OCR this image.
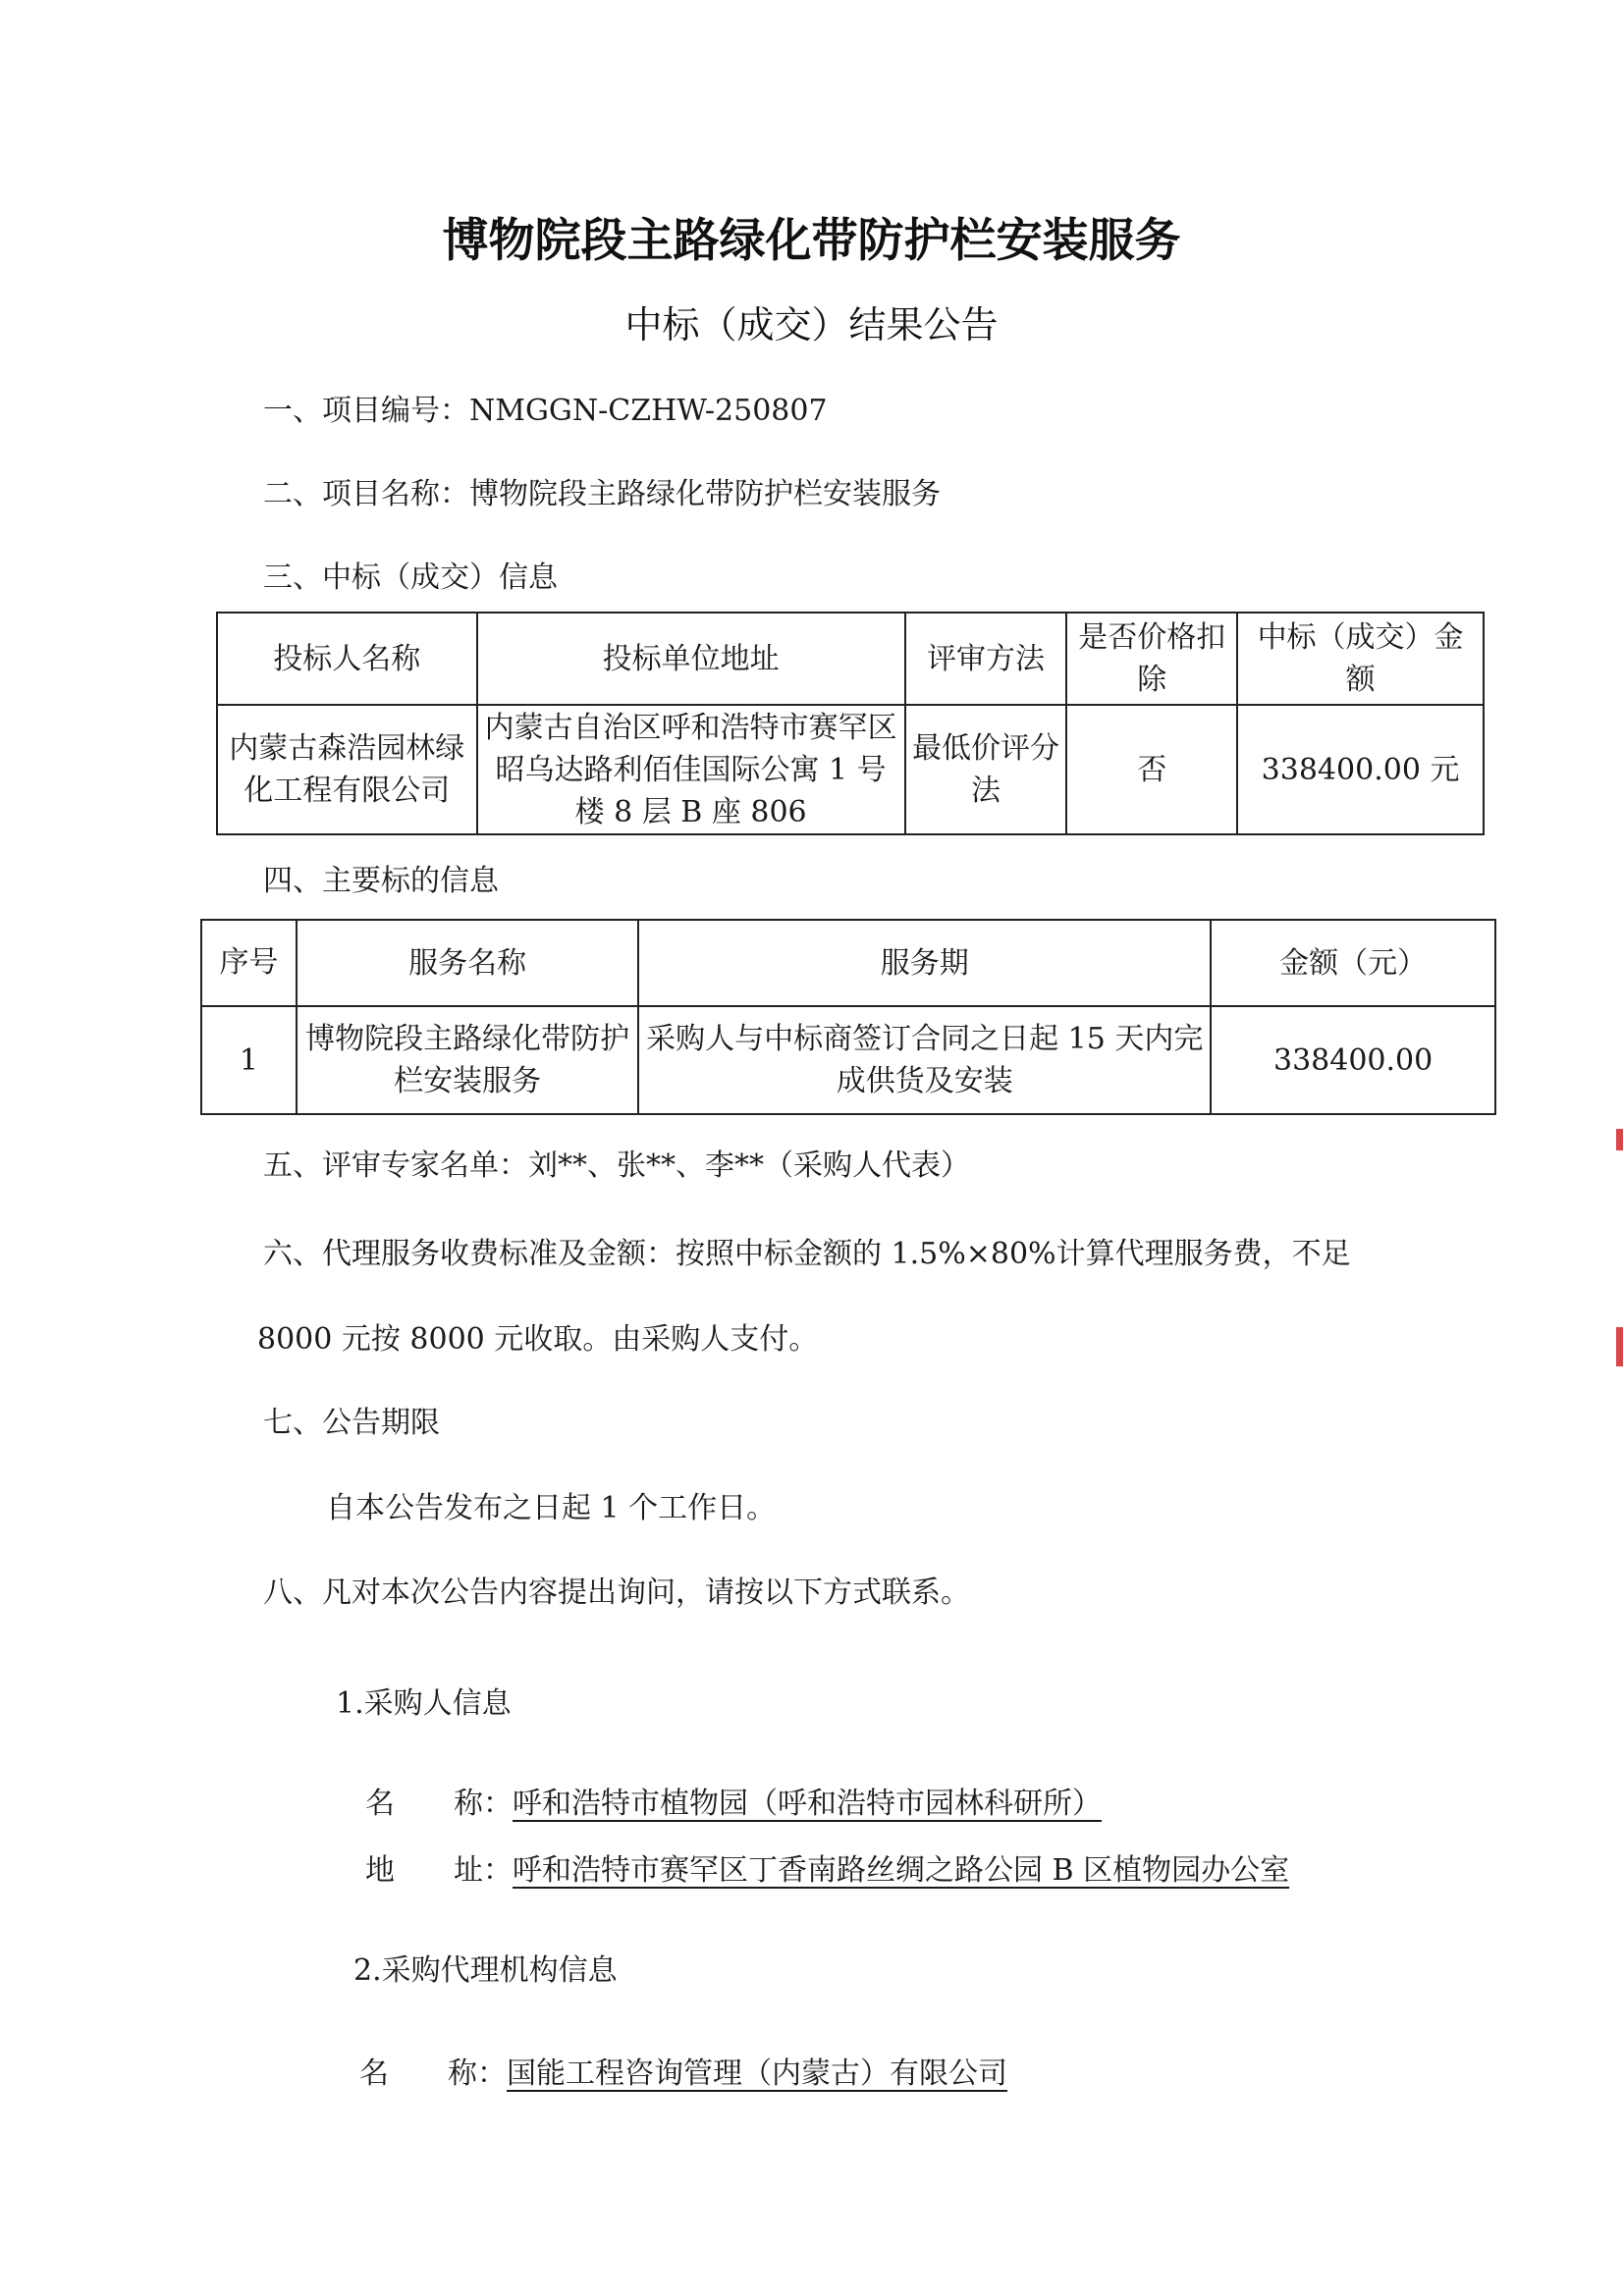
博物院段主路绿化带防护栏安装服务
中标（成交）结果公告
一、项目编号：NMGGN-CZHW-250807
二、项目名称：博物院段主路绿化带防护栏安装服务
三、中标（成交）信息
投标人名称	投标单位地址	评审方法	是否价格扣除	中标（成交）金额
内蒙古森浩园林绿化工程有限公司	内蒙古自治区呼和浩特市赛罕区昭乌达路利佰佳国际公寓 1 号楼 8 层 B 座 806	最低价评分法	否	338400.00 元
四、主要标的信息
序号	服务名称	服务期	金额（元）
1	博物院段主路绿化带防护栏安装服务	采购人与中标商签订合同之日起 15 天内完成供货及安装	338400.00
五、评审专家名单：刘**、张**、李**（采购人代表）
六、代理服务收费标准及金额：按照中标金额的 1.5%×80%计算代理服务费，不足
8000 元按 8000 元收取。由采购人支付。
七、公告期限
自本公告发布之日起 1 个工作日。
八、凡对本次公告内容提出询问，请按以下方式联系。
1.采购人信息
名　　称：呼和浩特市植物园（呼和浩特市园林科研所）
地　　址：呼和浩特市赛罕区丁香南路丝绸之路公园 B 区植物园办公室
2.采购代理机构信息
名　　称：国能工程咨询管理（内蒙古）有限公司
